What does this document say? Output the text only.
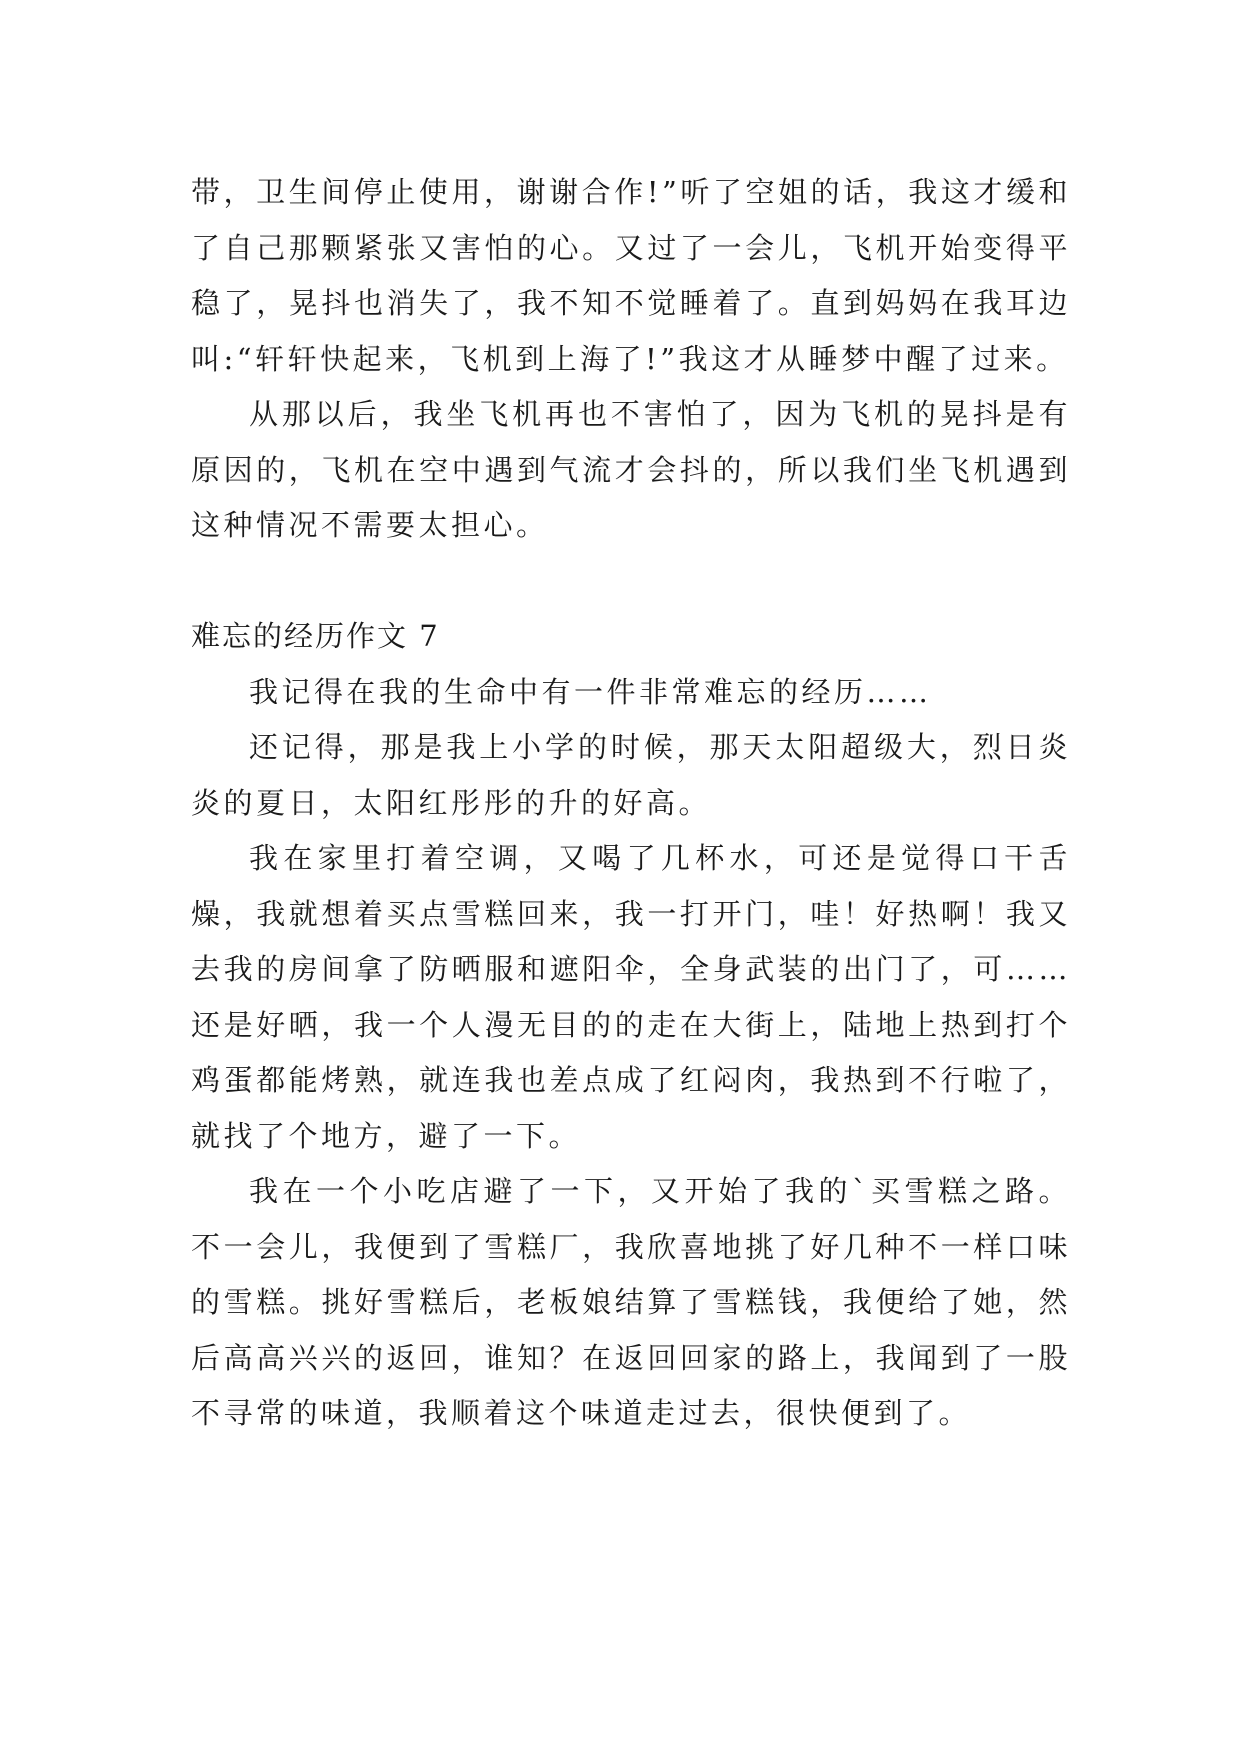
带，卫生间停止使用，谢谢合作!”听了空姐的话，我这才缓和了自己那颗紧张又害怕的心。又过了一会儿，飞机开始变得平稳了，晃抖也消失了，我不知不觉睡着了。直到妈妈在我耳边叫:“轩轩快起来，飞机到上海了!”我这才从睡梦中醒了过来。

从那以后，我坐飞机再也不害怕了，因为飞机的晃抖是有原因的，飞机在空中遇到气流才会抖的，所以我们坐飞机遇到这种情况不需要太担心。

难忘的经历作文 7

我记得在我的生命中有一件非常难忘的经历……

还记得，那是我上小学的时候，那天太阳超级大，烈日炎炎的夏日，太阳红彤彤的升的好高。

我在家里打着空调，又喝了几杯水，可还是觉得口干舌燥，我就想着买点雪糕回来，我一打开门，哇！好热啊！我又去我的房间拿了防晒服和遮阳伞，全身武装的出门了，可……还是好晒，我一个人漫无目的的走在大街上，陆地上热到打个鸡蛋都能烤熟，就连我也差点成了红闷肉，我热到不行啦了，就找了个地方，避了一下。

我在一个小吃店避了一下，又开始了我的`买雪糕之路。不一会儿，我便到了雪糕厂，我欣喜地挑了好几种不一样口味的雪糕。挑好雪糕后，老板娘结算了雪糕钱，我便给了她，然后高高兴兴的返回，谁知？在返回回家的路上，我闻到了一股不寻常的味道，我顺着这个味道走过去，很快便到了。
